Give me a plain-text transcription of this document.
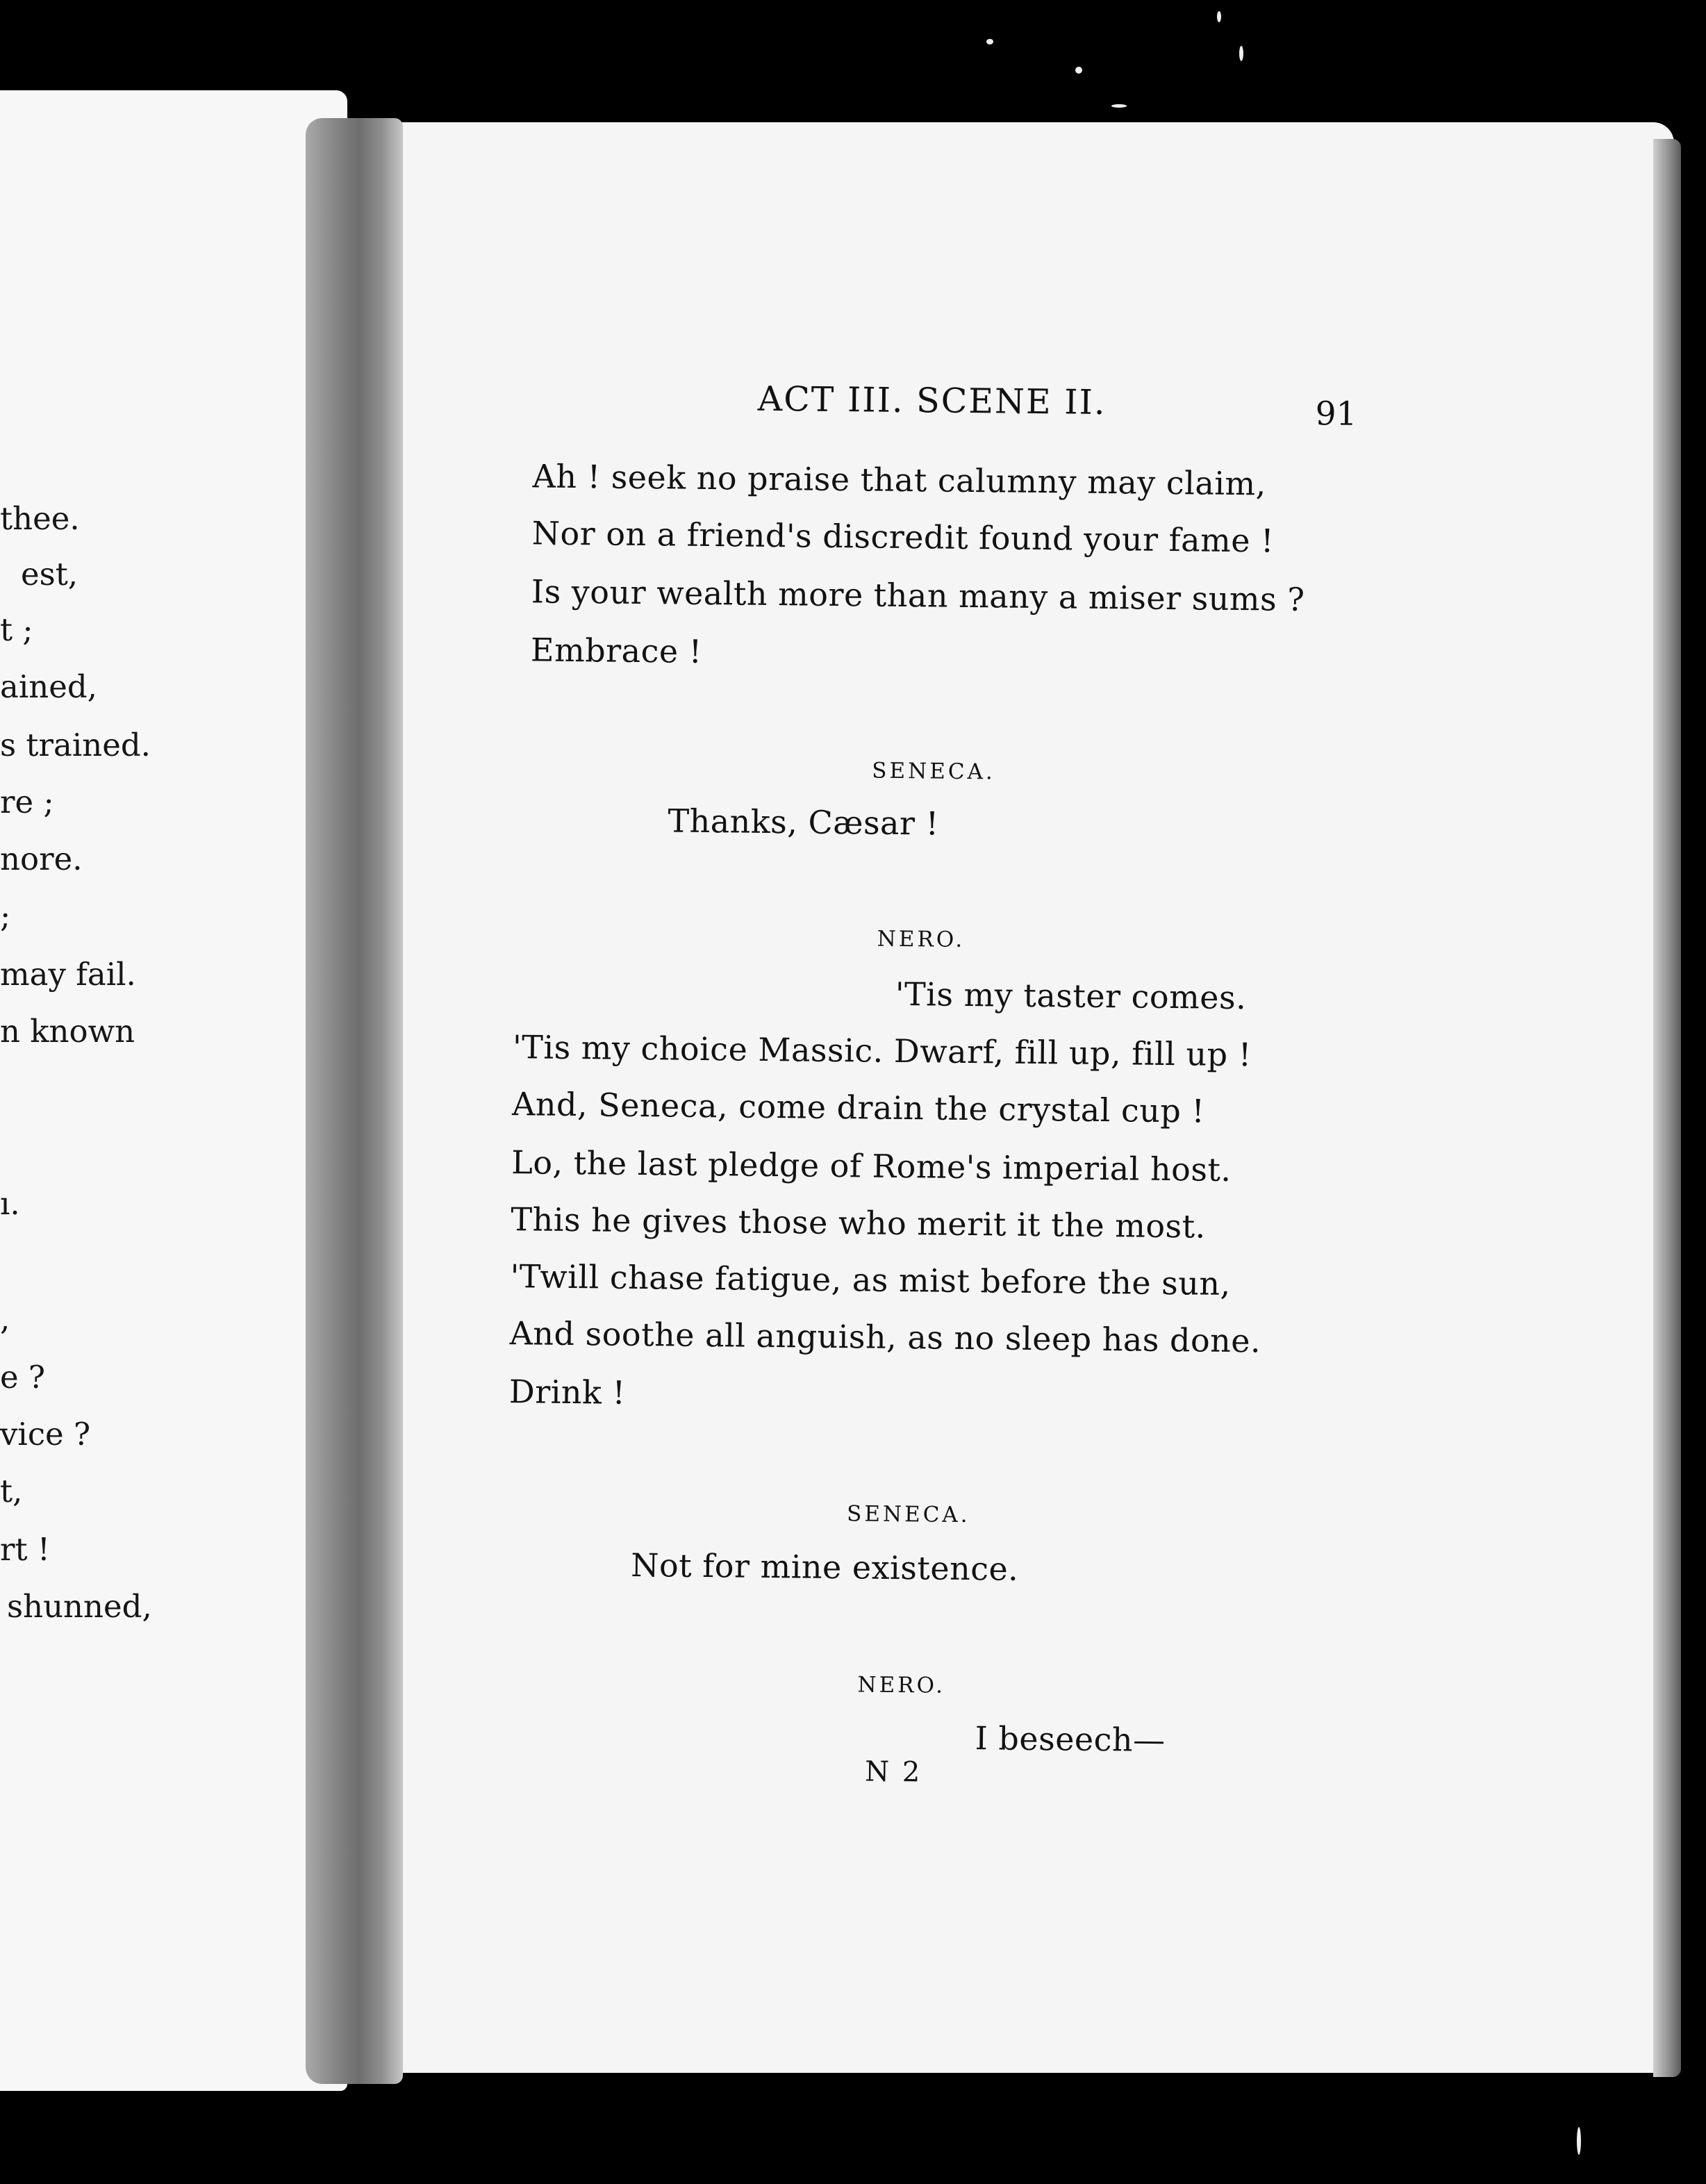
thee.
est,
t ;
ained,
s trained.
re ;
nore.
;
may fail.
n known
ı.
,
e ?
vice ?
t,
rt !
shunned,
ACT III. SCENE II.	91
Ah ! seek no praise that calumny may claim,
Nor on a friend's discredit found your fame !
Is your wealth more than many a miser sums ?
Embrace !
SENECA.
Thanks, Cæsar !
NERO.
'Tis my taster comes.
'Tis my choice Massic. Dwarf, fill up, fill up !
And, Seneca, come drain the crystal cup !
Lo, the last pledge of Rome's imperial host.
This he gives those who merit it the most.
'Twill chase fatigue, as mist before the sun,
And soothe all anguish, as no sleep has done.
Drink !
SENECA.
Not for mine existence.
NERO.
I beseech—
N 2
